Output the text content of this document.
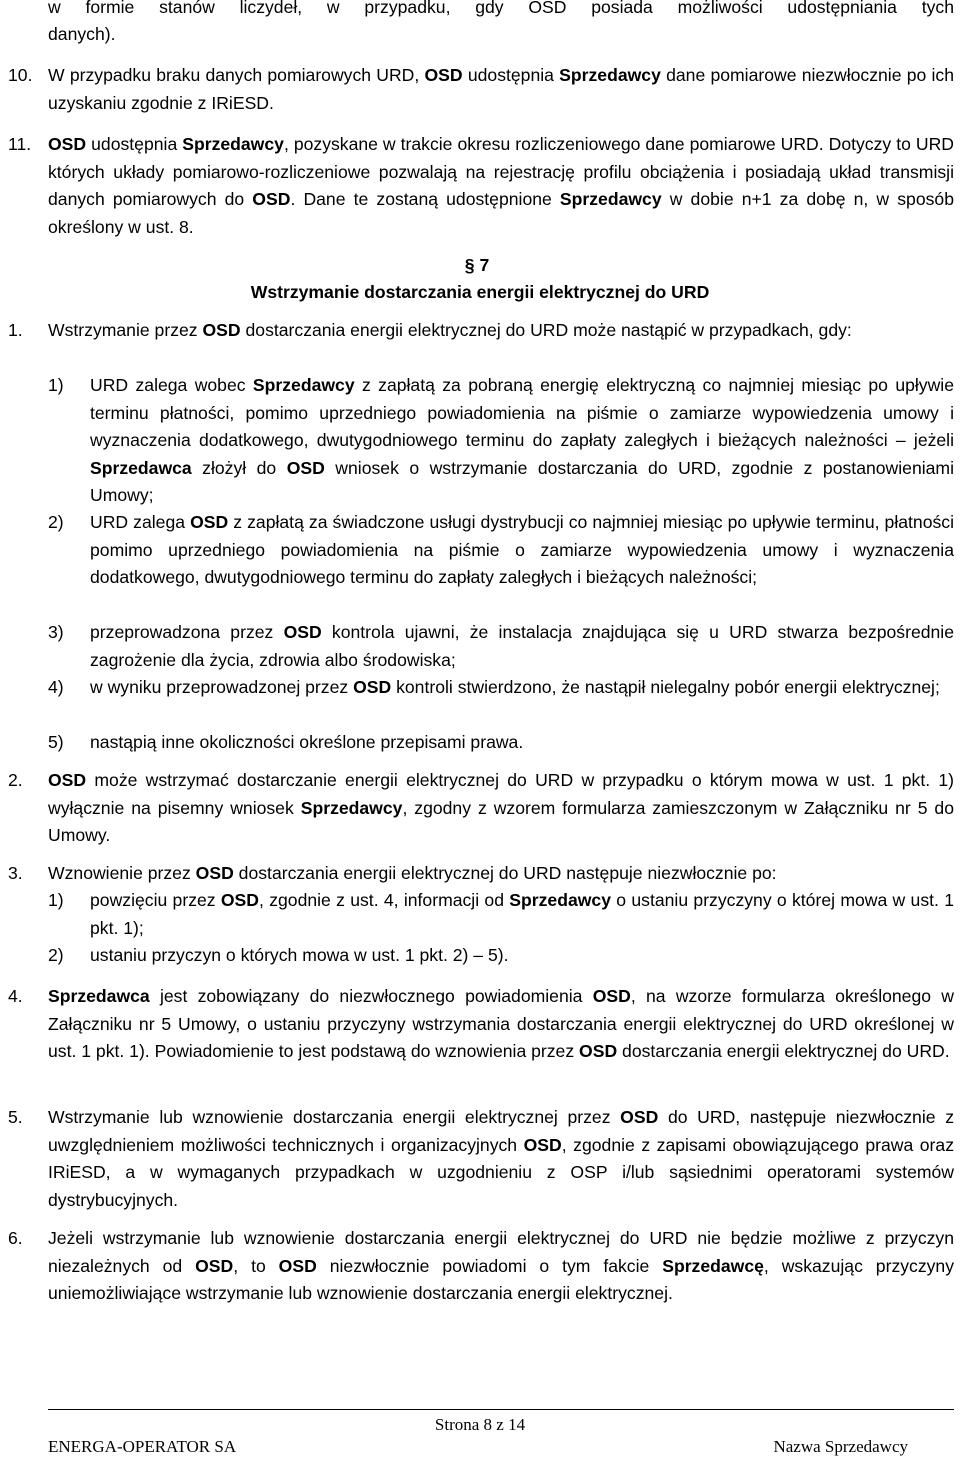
w formie stanów liczydeł, w przypadku, gdy OSD posiada możliwości udostępniania tych
danych).
10. W przypadku braku danych pomiarowych URD, OSD udostępnia Sprzedawcy dane pomiarowe niezwłocznie po ich uzyskaniu zgodnie z IRiESD.
11. OSD udostępnia Sprzedawcy, pozyskane w trakcie okresu rozliczeniowego dane pomiarowe URD. Dotyczy to URD których układy pomiarowo-rozliczeniowe pozwalają na rejestrację profilu obciążenia i posiadają układ transmisji danych pomiarowych do OSD. Dane te zostaną udostępnione Sprzedawcy w dobie n+1 za dobę n, w sposób określony w ust. 8.
§ 7
Wstrzymanie dostarczania energii elektrycznej do URD
1. Wstrzymanie przez OSD dostarczania energii elektrycznej do URD może nastąpić w przypadkach, gdy:
1) URD zalega wobec Sprzedawcy z zapłatą za pobraną energię elektryczną co najmniej miesiąc po upływie terminu płatności, pomimo uprzedniego powiadomienia na piśmie o zamiarze wypowiedzenia umowy i wyznaczenia dodatkowego, dwutygodniowego terminu do zapłaty zaległych i bieżących należności – jeżeli Sprzedawca złożył do OSD wniosek o wstrzymanie dostarczania do URD, zgodnie z postanowieniami Umowy;
2) URD zalega OSD z zapłatą za świadczone usługi dystrybucji co najmniej miesiąc po upływie terminu, płatności pomimo uprzedniego powiadomienia na piśmie o zamiarze wypowiedzenia umowy i wyznaczenia dodatkowego, dwutygodniowego terminu do zapłaty zaległych i bieżących należności;
3) przeprowadzona przez OSD kontrola ujawni, że instalacja znajdująca się u URD stwarza bezpośrednie zagrożenie dla życia, zdrowia albo środowiska;
4) w wyniku przeprowadzonej przez OSD kontroli stwierdzono, że nastąpił nielegalny pobór energii elektrycznej;
5) nastąpią inne okoliczności określone przepisami prawa.
2. OSD może wstrzymać dostarczanie energii elektrycznej do URD w przypadku o którym mowa w ust. 1 pkt. 1) wyłącznie na pisemny wniosek Sprzedawcy, zgodny z wzorem formularza zamieszczonym w Załączniku nr 5 do Umowy.
3. Wznowienie przez OSD dostarczania energii elektrycznej do URD następuje niezwłocznie po:
1) powzięciu przez OSD, zgodnie z ust. 4, informacji od Sprzedawcy o ustaniu przyczyny o której mowa w ust. 1 pkt. 1);
2) ustaniu przyczyn o których mowa w ust. 1 pkt. 2) – 5).
4. Sprzedawca jest zobowiązany do niezwłocznego powiadomienia OSD, na wzorze formularza określonego w Załączniku nr 5 Umowy, o ustaniu przyczyny wstrzymania dostarczania energii elektrycznej do URD określonej w ust. 1 pkt. 1). Powiadomienie to jest podstawą do wznowienia przez OSD dostarczania energii elektrycznej do URD.
5. Wstrzymanie lub wznowienie dostarczania energii elektrycznej przez OSD do URD, następuje niezwłocznie z uwzględnieniem możliwości technicznych i organizacyjnych OSD, zgodnie z zapisami obowiązującego prawa oraz IRiESD, a w wymaganych przypadkach w uzgodnieniu z OSP i/lub sąsiednimi operatorami systemów dystrybucyjnych.
6. Jeżeli wstrzymanie lub wznowienie dostarczania energii elektrycznej do URD nie będzie możliwe z przyczyn niezależnych od OSD, to OSD niezwłocznie powiadomi o tym fakcie Sprzedawcę, wskazując przyczyny uniemożliwiające wstrzymanie lub wznowienie dostarczania energii elektrycznej.
Strona 8 z 14
ENERGA-OPERATOR SA	Nazwa Sprzedawcy
